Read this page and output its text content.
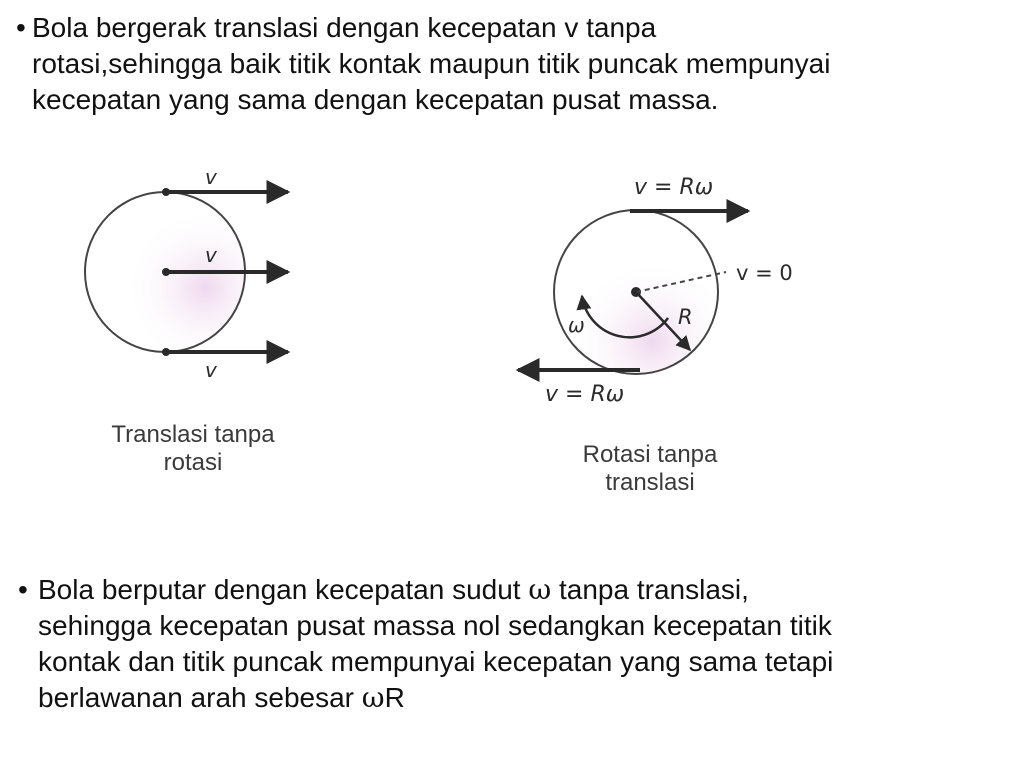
• Bola bergerak translasi dengan kecepatan v tanpa
rotasi,sehingga baik titik kontak maupun titik puncak mempunyai
kecepatan yang sama dengan kecepatan pusat massa.
v
v
v
Translasi tanpa
rotasi
v = Rω
v = 0
R
ω
v = Rω
Rotasi tanpa
translasi
• Bola berputar dengan kecepatan sudut ω tanpa translasi,
sehingga kecepatan pusat massa nol sedangkan kecepatan titik
kontak dan titik puncak mempunyai kecepatan yang sama tetapi
berlawanan arah sebesar ωR
